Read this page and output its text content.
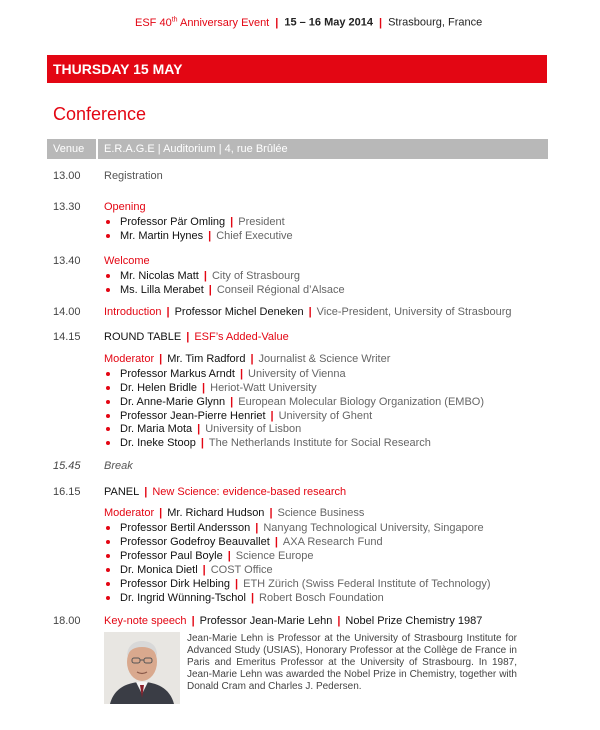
ESF 40th Anniversary Event | 15 – 16 May 2014 | Strasbourg, France
THURSDAY 15 MAY
Conference
Venue E.R.A.G.E | Auditorium | 4, rue Brûlée
13.00 Registration
13.30 Opening
Professor Pär Omling | President
Mr. Martin Hynes | Chief Executive
13.40 Welcome
Mr. Nicolas Matt | City of Strasbourg
Ms. Lilla Merabet | Conseil Régional d’Alsace
14.00 Introduction | Professor Michel Deneken | Vice-President, University of Strasbourg
14.15 ROUND TABLE | ESF’s Added-Value
Moderator | Mr. Tim Radford | Journalist & Science Writer
Professor Markus Arndt | University of Vienna
Dr. Helen Bridle | Heriot-Watt University
Dr. Anne-Marie Glynn | European Molecular Biology Organization (EMBO)
Professor Jean-Pierre Henriet | University of Ghent
Dr. Maria Mota | University of Lisbon
Dr. Ineke Stoop | The Netherlands Institute for Social Research
15.45 Break
16.15 PANEL | New Science: evidence-based research
Moderator | Mr. Richard Hudson | Science Business
Professor Bertil Andersson | Nanyang Technological University, Singapore
Professor Godefroy Beauvallet | AXA Research Fund
Professor Paul Boyle | Science Europe
Dr. Monica Dietl | COST Office
Professor Dirk Helbing | ETH Zürich (Swiss Federal Institute of Technology)
Dr. Ingrid Wünning-Tschol | Robert Bosch Foundation
18.00 Key-note speech | Professor Jean-Marie Lehn | Nobel Prize Chemistry 1987
Jean-Marie Lehn is Professor at the University of Strasbourg Institute for Advanced Study (USIAS), Honorary Professor at the Collège de France in Paris and Emeritus Professor at the University of Strasbourg. In 1987, Jean-Marie Lehn was awarded the Nobel Prize in Chemistry, together with Donald Cram and Charles J. Pedersen.
